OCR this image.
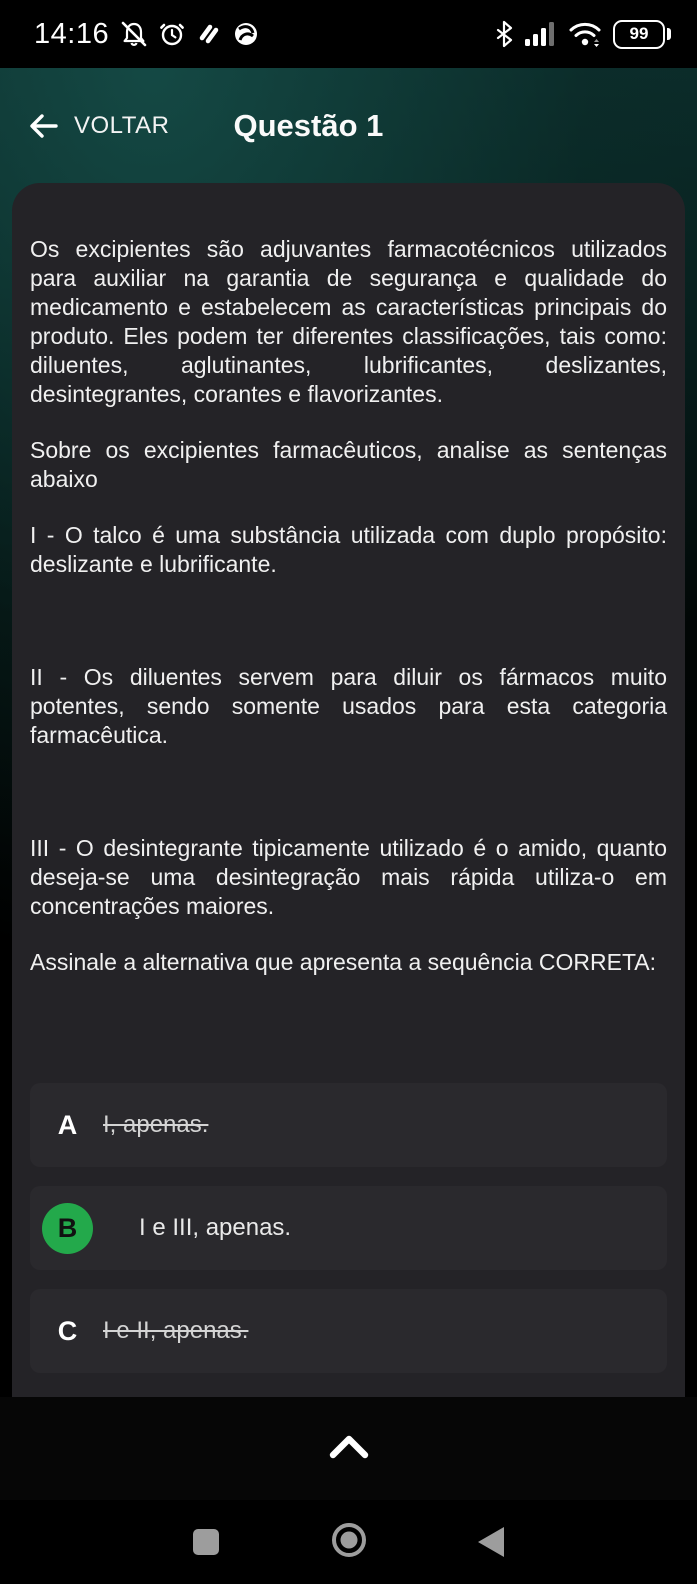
14:16	99
VOLTAR Questão 1

Os excipientes são adjuvantes farmacotécnicos utilizados para auxiliar na garantia de segurança e qualidade do medicamento e estabelecem as características principais do produto. Eles podem ter diferentes classificações, tais como: diluentes, aglutinantes, lubrificantes, deslizantes, desintegrantes, corantes e flavorizantes.

Sobre os excipientes farmacêuticos, analise as sentenças abaixo

I - O talco é uma substância utilizada com duplo propósito: deslizante e lubrificante.

II - Os diluentes servem para diluir os fármacos muito potentes, sendo somente usados para esta categoria farmacêutica.

III - O desintegrante tipicamente utilizado é o amido, quanto deseja-se uma desintegração mais rápida utiliza-o em concentrações maiores.

Assinale a alternativa que apresenta a sequência CORRETA:

A	I, apenas.
B	I e III, apenas.
C	I e II, apenas.
